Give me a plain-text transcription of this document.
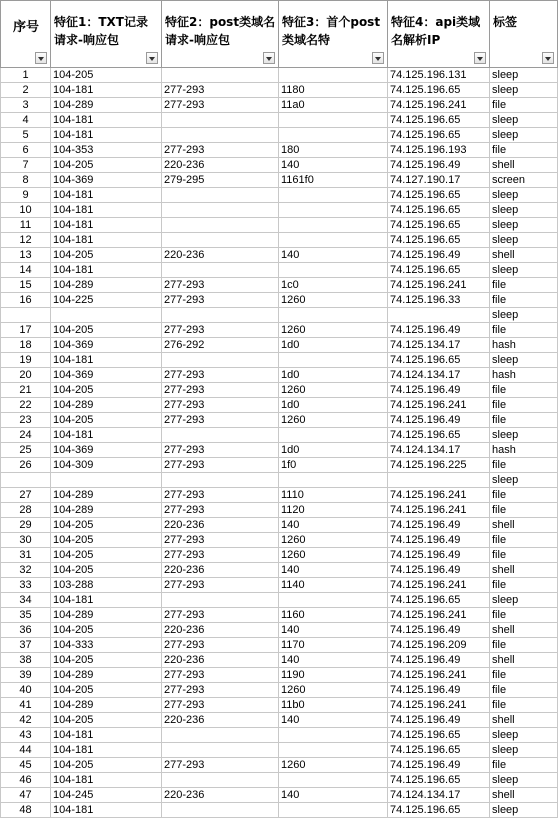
序号	特征1：TXT记录请求-响应包	特征2：post类域名请求-响应包	特征3：首个post类域名特	特征4：api类域名解析IP	标签

1	104-205			74.125.196.131	sleep
2	104-181	277-293	1180	74.125.196.65	sleep
3	104-289	277-293	11a0	74.125.196.241	file
4	104-181			74.125.196.65	sleep
5	104-181			74.125.196.65	sleep
6	104-353	277-293	180	74.125.196.193	file
7	104-205	220-236	140	74.125.196.49	shell
8	104-369	279-295	1161f0	74.127.190.17	screen
9	104-181			74.125.196.65	sleep
10	104-181			74.125.196.65	sleep
11	104-181			74.125.196.65	sleep
12	104-181			74.125.196.65	sleep
13	104-205	220-236	140	74.125.196.49	shell
14	104-181			74.125.196.65	sleep
15	104-289	277-293	1c0	74.125.196.241	file
16	104-225	277-293	1260	74.125.196.33	file
					sleep
17	104-205	277-293	1260	74.125.196.49	file
18	104-369	276-292	1d0	74.125.134.17	hash
19	104-181			74.125.196.65	sleep
20	104-369	277-293	1d0	74.124.134.17	hash
21	104-205	277-293	1260	74.125.196.49	file
22	104-289	277-293	1d0	74.125.196.241	file
23	104-205	277-293	1260	74.125.196.49	file
24	104-181			74.125.196.65	sleep
25	104-369	277-293	1d0	74.124.134.17	hash
26	104-309	277-293	1f0	74.125.196.225	file
					sleep
27	104-289	277-293	1110	74.125.196.241	file
28	104-289	277-293	1120	74.125.196.241	file
29	104-205	220-236	140	74.125.196.49	shell
30	104-205	277-293	1260	74.125.196.49	file
31	104-205	277-293	1260	74.125.196.49	file
32	104-205	220-236	140	74.125.196.49	shell
33	103-288	277-293	1140	74.125.196.241	file
34	104-181			74.125.196.65	sleep
35	104-289	277-293	1160	74.125.196.241	file
36	104-205	220-236	140	74.125.196.49	shell
37	104-333	277-293	1170	74.125.196.209	file
38	104-205	220-236	140	74.125.196.49	shell
39	104-289	277-293	1190	74.125.196.241	file
40	104-205	277-293	1260	74.125.196.49	file
41	104-289	277-293	11b0	74.125.196.241	file
42	104-205	220-236	140	74.125.196.49	shell
43	104-181			74.125.196.65	sleep
44	104-181			74.125.196.65	sleep
45	104-205	277-293	1260	74.125.196.49	file
46	104-181			74.125.196.65	sleep
47	104-245	220-236	140	74.124.134.17	shell
48	104-181			74.125.196.65	sleep
